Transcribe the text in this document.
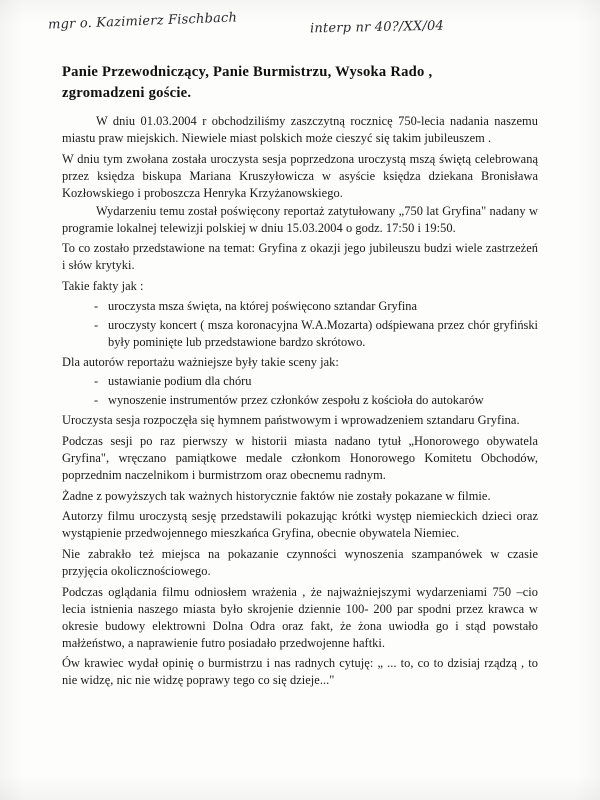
mgr o. Kazimierz Fischbach	interp nr 40?/XX/04
Panie Przewodniczący, Panie Burmistrzu, Wysoka Rado ,
zgromadzeni goście.

W dniu 01.03.2004 r obchodziliśmy zaszczytną rocznicę 750-lecia nadania naszemu miastu praw miejskich. Niewiele miast polskich może cieszyć się takim jubileuszem .

W dniu tym zwołana została uroczysta sesja poprzedzona uroczystą mszą świętą celebrowaną przez księdza biskupa Mariana Kruszyłowicza w asyście księdza dziekana Bronisława Kozłowskiego i proboszcza Henryka Krzyżanowskiego.

Wydarzeniu temu został poświęcony reportaż zatytułowany „750 lat Gryfina" nadany w programie lokalnej telewizji polskiej w dniu 15.03.2004 o godz. 17:50 i 19:50.

To co zostało przedstawione na temat: Gryfina z okazji jego jubileuszu budzi wiele zastrzeżeń i słów krytyki.

Takie fakty jak :

- uroczysta msza święta, na której poświęcono sztandar Gryfina
- uroczysty koncert ( msza koronacyjna W.A.Mozarta) odśpiewana przez chór gryfiński były pominięte lub przedstawione bardzo skrótowo.

Dla autorów reportażu ważniejsze były takie sceny jak:

- ustawianie podium dla chóru
- wynoszenie instrumentów przez członków zespołu z kościoła do autokarów

Uroczysta sesja rozpoczęła się hymnem państwowym i wprowadzeniem sztandaru Gryfina.

Podczas sesji po raz pierwszy w historii miasta nadano tytuł „Honorowego obywatela Gryfina", wręczano pamiątkowe medale członkom Honorowego Komitetu Obchodów, poprzednim naczelnikom i burmistrzom oraz obecnemu radnym.

Żadne z powyższych tak ważnych historycznie faktów nie zostały pokazane w filmie.

Autorzy filmu uroczystą sesję przedstawili pokazując krótki występ niemieckich dzieci oraz wystąpienie przedwojennego mieszkańca Gryfina, obecnie obywatela Niemiec.

Nie zabrakło też miejsca na pokazanie czynności wynoszenia szampanówek w czasie przyjęcia okolicznościowego.

Podczas oglądania filmu odniosłem wrażenia , że najważniejszymi wydarzeniami 750 –cio lecia istnienia naszego miasta było skrojenie dziennie 100- 200 par spodni przez krawca w okresie budowy elektrowni Dolna Odra oraz fakt, że żona uwiodła go i stąd powstało małżeństwo, a naprawienie futro posiadało przedwojenne haftki.

Ów krawiec wydał opinię o burmistrzu i nas radnych cytuję: „ ... to, co to dzisiaj rządzą , to nie widzę, nic nie widzę poprawy tego co się dzieje..."
